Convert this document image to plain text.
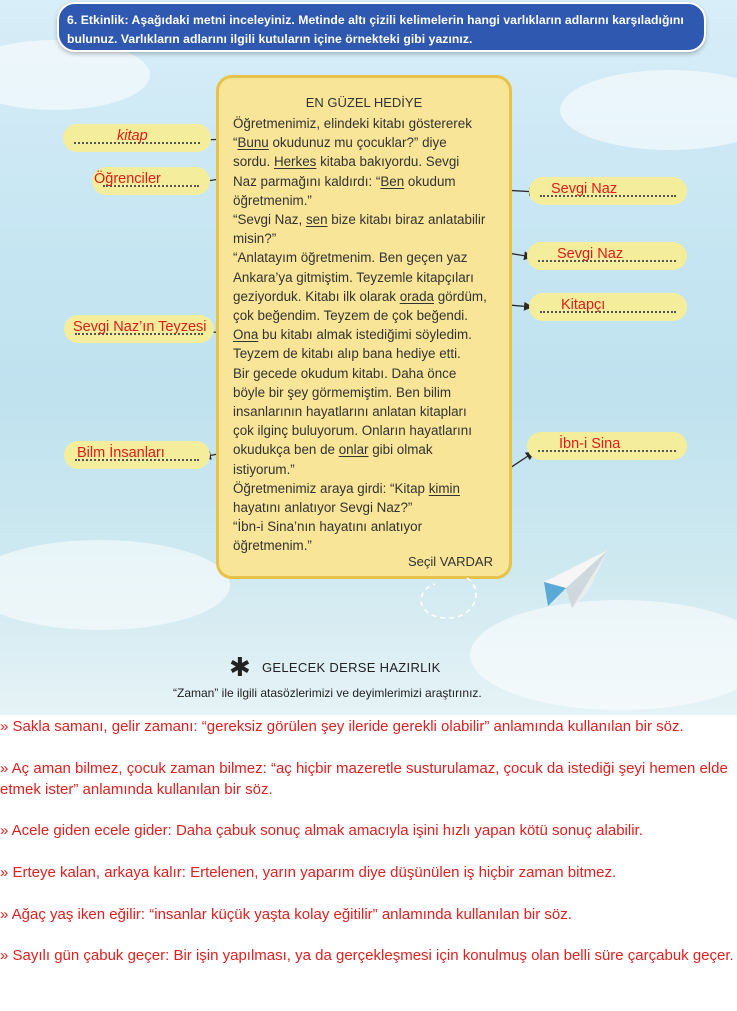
6. Etkinlik: Aşağıdaki metni inceleyiniz. Metinde altı çizili kelimelerin hangi varlıkların adlarını karşıladığını bulunuz. Varlıkların adlarını ilgili kutuların içine örnekteki gibi yazınız.

EN GÜZEL HEDİYE
Öğretmenimiz, elindeki kitabı göstererek
“Bunu okudunuz mu çocuklar?” diye
sordu. Herkes kitaba bakıyordu. Sevgi
Naz parmağını kaldırdı: “Ben okudum
öğretmenim.”
“Sevgi Naz, sen bize kitabı biraz anlatabilir
misin?”
“Anlatayım öğretmenim. Ben geçen yaz
Ankara’ya gitmiştim. Teyzemle kitapçıları
geziyorduk. Kitabı ilk olarak orada gördüm,
çok beğendim. Teyzem de çok beğendi.
Ona bu kitabı almak istediğimi söyledim.
Teyzem de kitabı alıp bana hediye etti.
Bir gecede okudum kitabı. Daha önce
böyle bir şey görmemiştim. Ben bilim
insanlarının hayatlarını anlatan kitapları
çok ilginç buluyorum. Onların hayatlarını
okudukça ben de onlar gibi olmak
istiyorum.”
Öğretmenimiz araya girdi: “Kitap kimin
hayatını anlatıyor Sevgi Naz?”
“İbn-i Sina’nın hayatını anlatıyor
öğretmenim.”
Seçil VARDAR
kitap
Öğrenciler
Sevgi Naz’ın Teyzesi
Bilm İnsanları
Sevgi Naz
Sevgi Naz
Kitapçı
İbn-i Sina
✱ GELECEK DERSE HAZIRLIK
“Zaman” ile ilgili atasözlerimizi ve deyimlerimizi araştırınız.
» Sakla samanı, gelir zamanı: “gereksiz görülen şey ileride gerekli olabilir” anlamında kullanılan bir söz.
» Aç aman bilmez, çocuk zaman bilmez: “aç hiçbir mazeretle susturulamaz, çocuk da istediği şeyi hemen elde etmek ister” anlamında kullanılan bir söz.
» Acele giden ecele gider: Daha çabuk sonuç almak amacıyla işini hızlı yapan kötü sonuç alabilir.
» Erteye kalan, arkaya kalır: Ertelenen, yarın yaparım diye düşünülen iş hiçbir zaman bitmez.
» Ağaç yaş iken eğilir: “insanlar küçük yaşta kolay eğitilir” anlamında kullanılan bir söz.
» Sayılı gün çabuk geçer: Bir işin yapılması, ya da gerçekleşmesi için konulmuş olan belli süre çarçabuk geçer.
